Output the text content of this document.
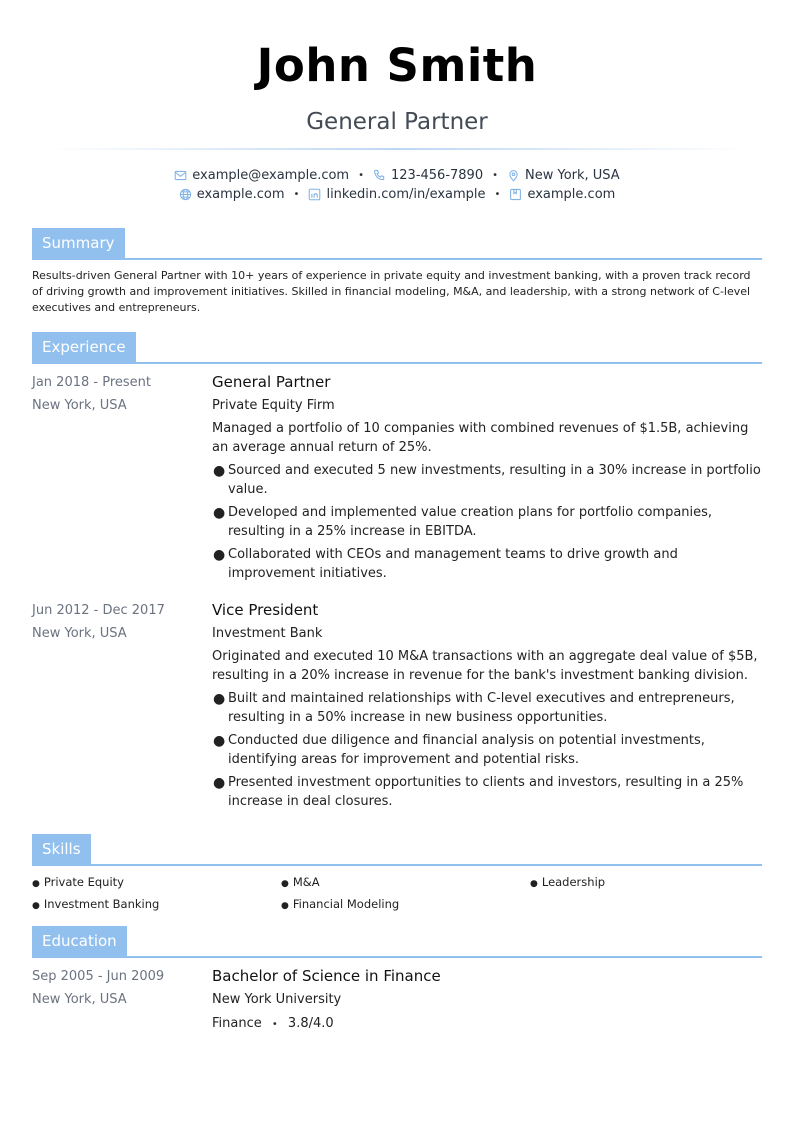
John Smith
General Partner
example@example.com • 123-456-7890 • New York, USA
example.com • linkedin.com/in/example • example.com
Summary

Results-driven General Partner with 10+ years of experience in private equity and investment banking, with a proven track record of driving growth and improvement initiatives. Skilled in financial modeling, M&A, and leadership, with a strong network of C-level executives and entrepreneurs.

Experience
Jan 2018 - Present
New York, USA
General Partner
Private Equity Firm
Managed a portfolio of 10 companies with combined revenues of $1.5B, achieving an average annual return of 25%.
● Sourced and executed 5 new investments, resulting in a 30% increase in portfolio value.
● Developed and implemented value creation plans for portfolio companies, resulting in a 25% increase in EBITDA.
● Collaborated with CEOs and management teams to drive growth and improvement initiatives.
Jun 2012 - Dec 2017
New York, USA
Vice President
Investment Bank
Originated and executed 10 M&A transactions with an aggregate deal value of $5B, resulting in a 20% increase in revenue for the bank's investment banking division.
● Built and maintained relationships with C-level executives and entrepreneurs, resulting in a 50% increase in new business opportunities.
● Conducted due diligence and financial analysis on potential investments, identifying areas for improvement and potential risks.
● Presented investment opportunities to clients and investors, resulting in a 25% increase in deal closures.
Skills
● Private Equity	● M&A	● Leadership
● Investment Banking	● Financial Modeling
Education
Sep 2005 - Jun 2009
New York, USA
Bachelor of Science in Finance
New York University
Finance • 3.8/4.0
